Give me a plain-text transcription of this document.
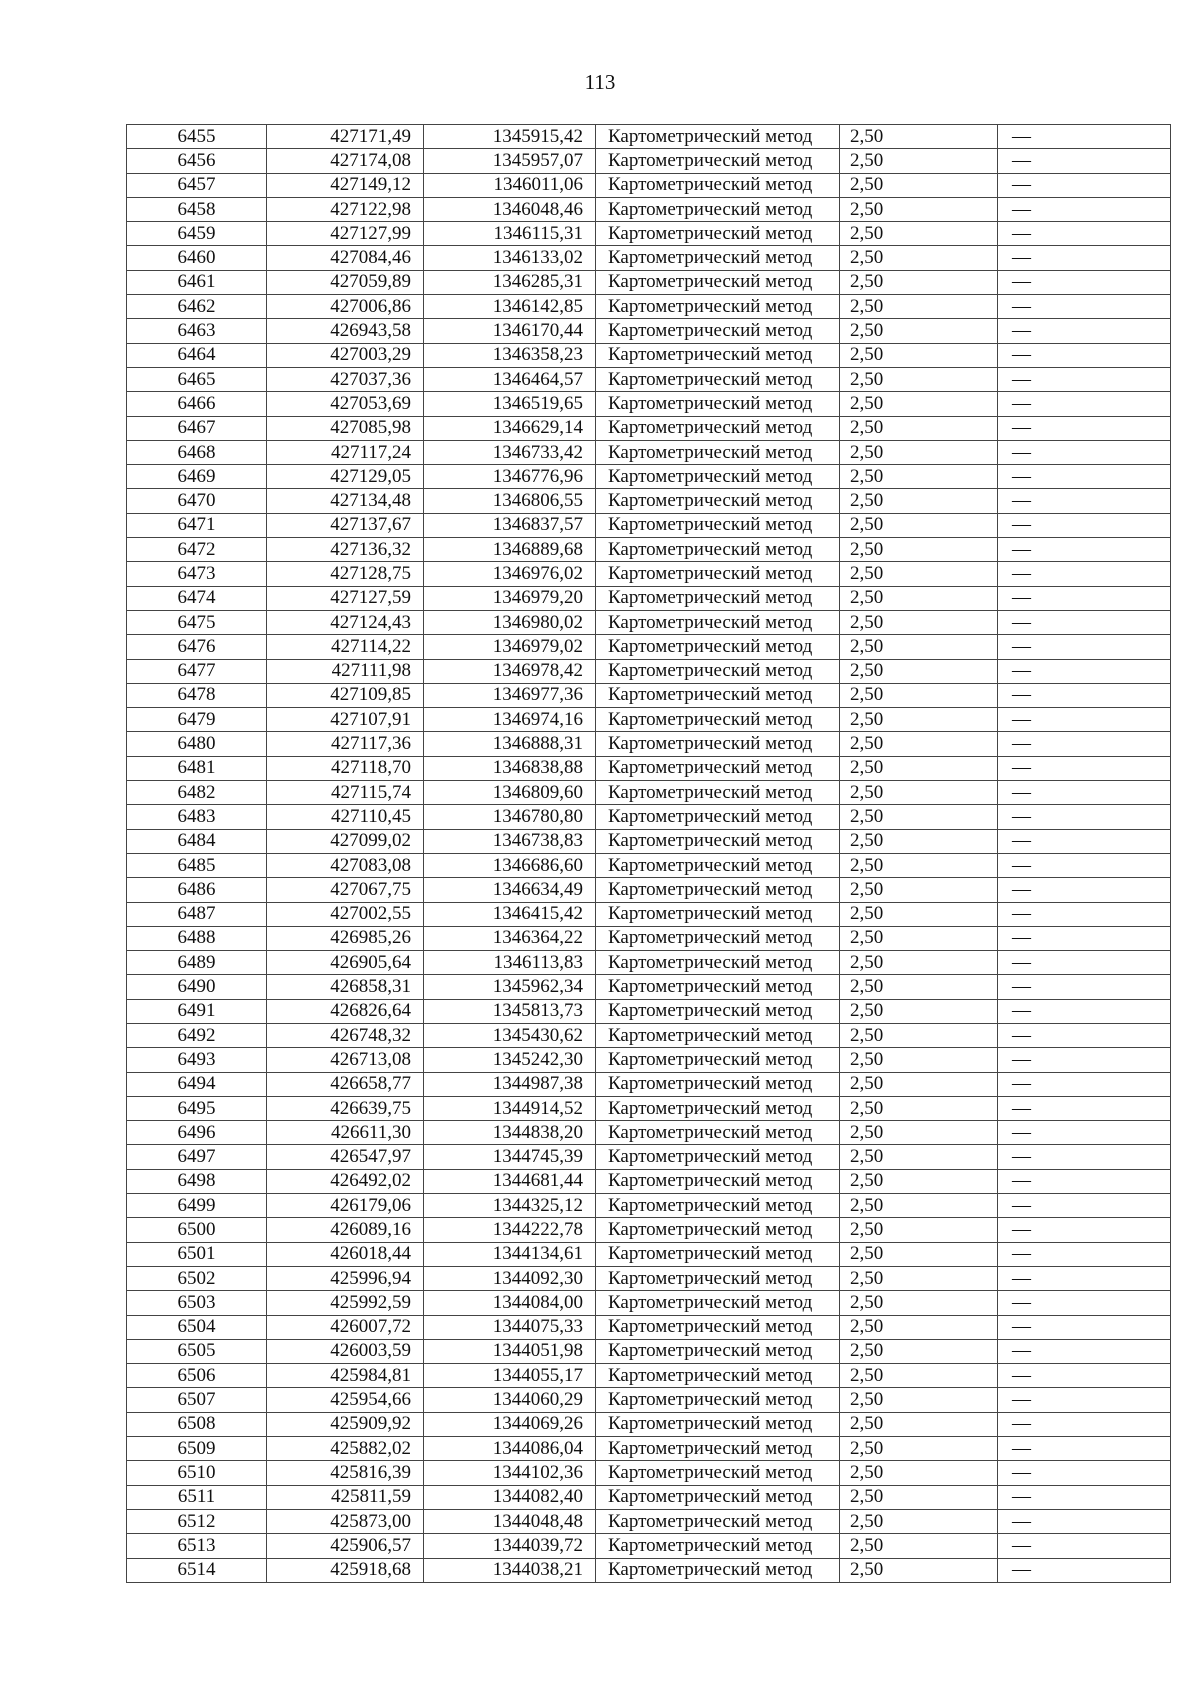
113
6455	427171,49	1345915,42	Картометрический метод	2,50	—
6456	427174,08	1345957,07	Картометрический метод	2,50	—
6457	427149,12	1346011,06	Картометрический метод	2,50	—
6458	427122,98	1346048,46	Картометрический метод	2,50	—
6459	427127,99	1346115,31	Картометрический метод	2,50	—
6460	427084,46	1346133,02	Картометрический метод	2,50	—
6461	427059,89	1346285,31	Картометрический метод	2,50	—
6462	427006,86	1346142,85	Картометрический метод	2,50	—
6463	426943,58	1346170,44	Картометрический метод	2,50	—
6464	427003,29	1346358,23	Картометрический метод	2,50	—
6465	427037,36	1346464,57	Картометрический метод	2,50	—
6466	427053,69	1346519,65	Картометрический метод	2,50	—
6467	427085,98	1346629,14	Картометрический метод	2,50	—
6468	427117,24	1346733,42	Картометрический метод	2,50	—
6469	427129,05	1346776,96	Картометрический метод	2,50	—
6470	427134,48	1346806,55	Картометрический метод	2,50	—
6471	427137,67	1346837,57	Картометрический метод	2,50	—
6472	427136,32	1346889,68	Картометрический метод	2,50	—
6473	427128,75	1346976,02	Картометрический метод	2,50	—
6474	427127,59	1346979,20	Картометрический метод	2,50	—
6475	427124,43	1346980,02	Картометрический метод	2,50	—
6476	427114,22	1346979,02	Картометрический метод	2,50	—
6477	427111,98	1346978,42	Картометрический метод	2,50	—
6478	427109,85	1346977,36	Картометрический метод	2,50	—
6479	427107,91	1346974,16	Картометрический метод	2,50	—
6480	427117,36	1346888,31	Картометрический метод	2,50	—
6481	427118,70	1346838,88	Картометрический метод	2,50	—
6482	427115,74	1346809,60	Картометрический метод	2,50	—
6483	427110,45	1346780,80	Картометрический метод	2,50	—
6484	427099,02	1346738,83	Картометрический метод	2,50	—
6485	427083,08	1346686,60	Картометрический метод	2,50	—
6486	427067,75	1346634,49	Картометрический метод	2,50	—
6487	427002,55	1346415,42	Картометрический метод	2,50	—
6488	426985,26	1346364,22	Картометрический метод	2,50	—
6489	426905,64	1346113,83	Картометрический метод	2,50	—
6490	426858,31	1345962,34	Картометрический метод	2,50	—
6491	426826,64	1345813,73	Картометрический метод	2,50	—
6492	426748,32	1345430,62	Картометрический метод	2,50	—
6493	426713,08	1345242,30	Картометрический метод	2,50	—
6494	426658,77	1344987,38	Картометрический метод	2,50	—
6495	426639,75	1344914,52	Картометрический метод	2,50	—
6496	426611,30	1344838,20	Картометрический метод	2,50	—
6497	426547,97	1344745,39	Картометрический метод	2,50	—
6498	426492,02	1344681,44	Картометрический метод	2,50	—
6499	426179,06	1344325,12	Картометрический метод	2,50	—
6500	426089,16	1344222,78	Картометрический метод	2,50	—
6501	426018,44	1344134,61	Картометрический метод	2,50	—
6502	425996,94	1344092,30	Картометрический метод	2,50	—
6503	425992,59	1344084,00	Картометрический метод	2,50	—
6504	426007,72	1344075,33	Картометрический метод	2,50	—
6505	426003,59	1344051,98	Картометрический метод	2,50	—
6506	425984,81	1344055,17	Картометрический метод	2,50	—
6507	425954,66	1344060,29	Картометрический метод	2,50	—
6508	425909,92	1344069,26	Картометрический метод	2,50	—
6509	425882,02	1344086,04	Картометрический метод	2,50	—
6510	425816,39	1344102,36	Картометрический метод	2,50	—
6511	425811,59	1344082,40	Картометрический метод	2,50	—
6512	425873,00	1344048,48	Картометрический метод	2,50	—
6513	425906,57	1344039,72	Картометрический метод	2,50	—
6514	425918,68	1344038,21	Картометрический метод	2,50	—
